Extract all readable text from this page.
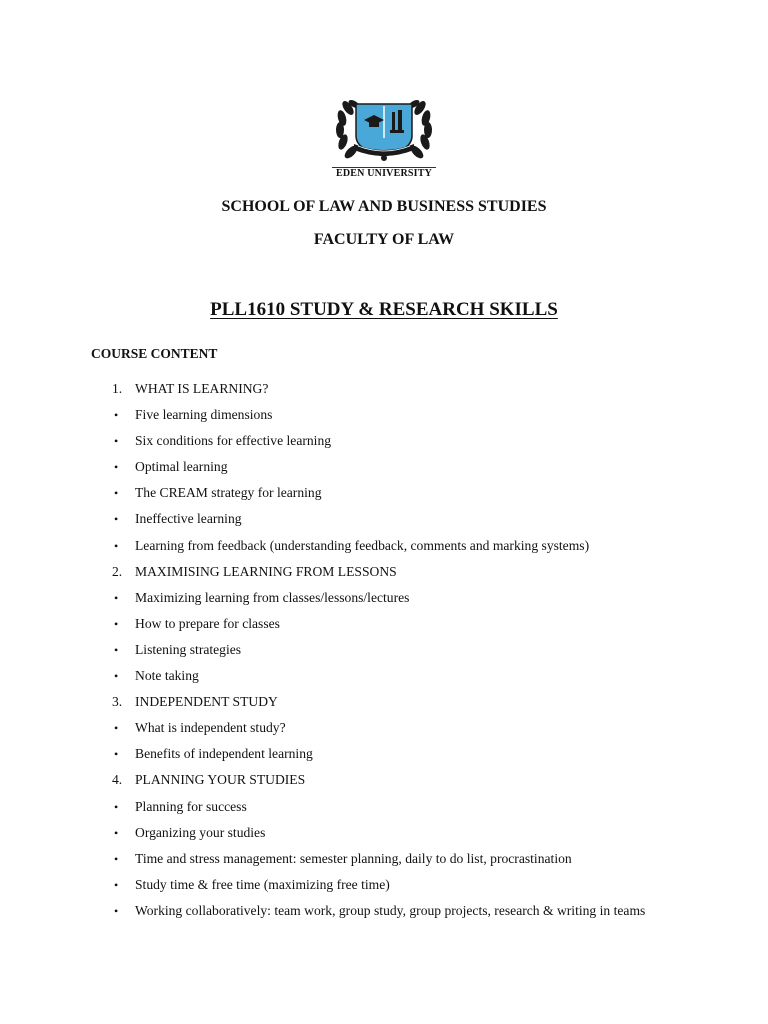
EDEN UNIVERSITY
SCHOOL OF LAW AND BUSINESS STUDIES
FACULTY OF LAW
PLL1610 STUDY & RESEARCH SKILLS
COURSE CONTENT
1. WHAT IS LEARNING?
•	Five learning dimensions
•	Six conditions for effective learning
•	Optimal learning
•	The CREAM strategy for learning
•	Ineffective learning
•	Learning from feedback (understanding feedback, comments and marking systems)
2. MAXIMISING LEARNING FROM LESSONS
•	Maximizing learning from classes/lessons/lectures
•	How to prepare for classes
•	Listening strategies
•	Note taking
3. INDEPENDENT STUDY
•	What is independent study?
•	Benefits of independent learning
4. PLANNING YOUR STUDIES
•	Planning for success
•	Organizing your studies
•	Time and stress management: semester planning, daily to do list, procrastination
•	Study time & free time (maximizing free time)
•	Working collaboratively: team work, group study, group projects, research & writing in teams
